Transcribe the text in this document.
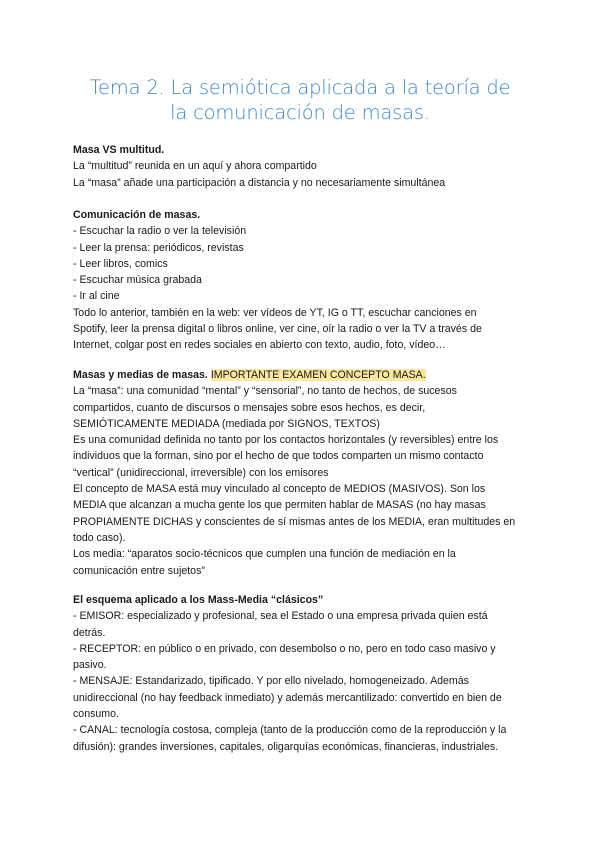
Tema 2. La semiótica aplicada a la teoría de
la comunicación de masas.
Masa VS multitud.
La “multitud” reunida en un aquí y ahora compartido
La “masa” añade una participación a distancia y no necesariamente simultánea
Comunicación de masas.
- Escuchar la radio o ver la televisión
- Leer la prensa: periódicos, revistas
- Leer libros, comics
- Escuchar música grabada
- Ir al cine
Todo lo anterior, también en la web: ver vídeos de YT, IG o TT, escuchar canciones en
Spotify, leer la prensa digital o libros online, ver cine, oír la radio o ver la TV a través de
Internet, colgar post en redes sociales en abierto con texto, audio, foto, vídeo…
Masas y medias de masas. IMPORTANTE EXAMEN CONCEPTO MASA.
La “masa”: una comunidad “mental” y “sensorial”, no tanto de hechos, de sucesos
compartidos, cuanto de discursos o mensajes sobre esos hechos, es decir,
SEMIÓTICAMENTE MEDIADA (mediada por SIGNOS, TEXTOS)
Es una comunidad definida no tanto por los contactos horizontales (y reversibles) entre los
individuos que la forman, sino por el hecho de que todos comparten un mismo contacto
“vertical” (unidireccional, irreversible) con los emisores
El concepto de MASA está muy vinculado al concepto de MEDIOS (MASIVOS). Son los
MEDIA que alcanzan a mucha gente los que permiten hablar de MASAS (no hay masas
PROPIAMENTE DICHAS y conscientes de sí mismas antes de los MEDIA, eran multitudes en
todo caso).
Los media: “aparatos socio-técnicos que cumplen una función de mediación en la
comunicación entre sujetos”
El esquema aplicado a los Mass-Media “clásicos”
- EMISOR: especializado y profesional, sea el Estado o una empresa privada quien está
detrás.
- RECEPTOR: en público o en privado, con desembolso o no, pero en todo caso masivo y
pasivo.
- MENSAJE: Estandarizado, tipificado. Y por ello nivelado, homogeneizado. Además
unidireccional (no hay feedback inmediato) y además mercantilizado: convertido en bien de
consumo.
- CANAL: tecnología costosa, compleja (tanto de la producción como de la reproducción y la
difusión): grandes inversiones, capitales, oligarquías económicas, financieras, industriales.
